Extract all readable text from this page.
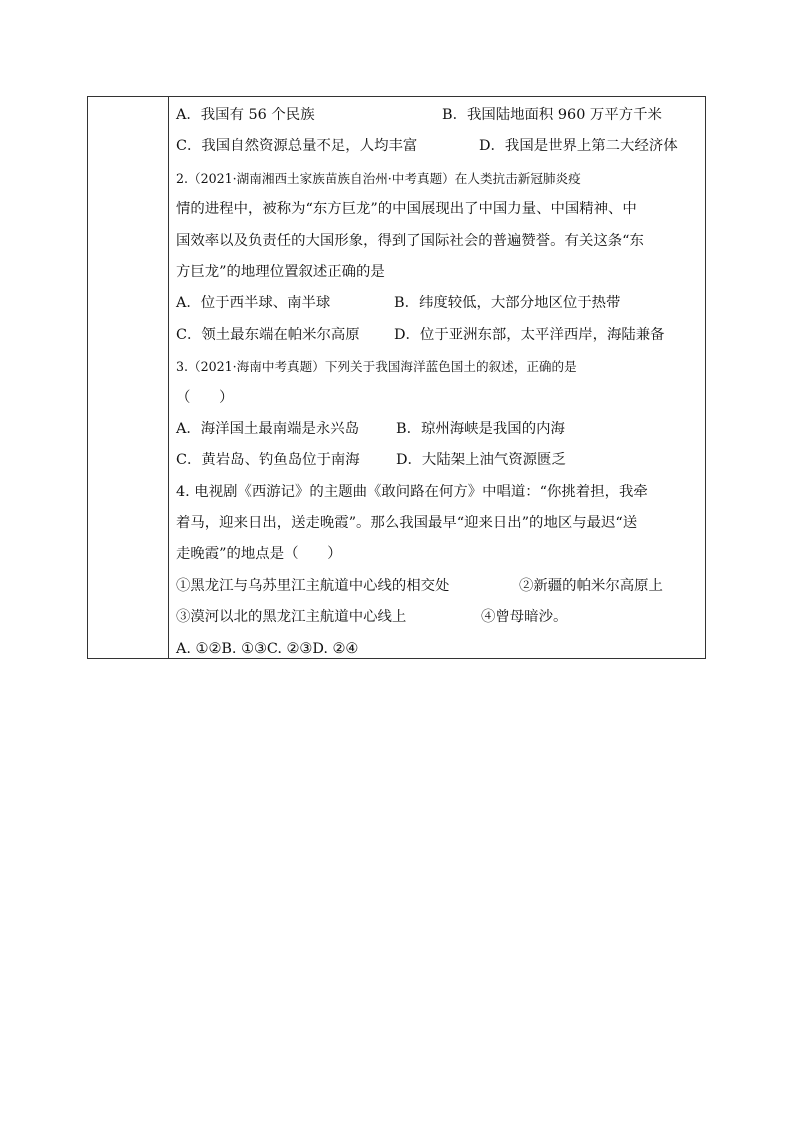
A．我国有 56 个民族	B．我国陆地面积 960 万平方千米
C．我国自然资源总量不足，人均丰富	D．我国是世界上第二大经济体
2.（2021·湖南湘西土家族苗族自治州·中考真题）在人类抗击新冠肺炎疫
情的进程中，被称为“东方巨龙”的中国展现出了中国力量、中国精神、中
国效率以及负责任的大国形象，得到了国际社会的普遍赞誉。有关这条“东
方巨龙”的地理位置叙述正确的是
A．位于西半球、南半球	B．纬度较低，大部分地区位于热带
C．领土最东端在帕米尔高原 D．位于亚洲东部，太平洋西岸，海陆兼备
3.（2021·海南中考真题）下列关于我国海洋蓝色国土的叙述，正确的是
（　　）
A．海洋国土最南端是永兴岛	B．琼州海峡是我国的内海
C．黄岩岛、钓鱼岛位于南海	D．大陆架上油气资源匮乏
4. 电视剧《西游记》的主题曲《敢问路在何方》中唱道：“你挑着担，我牵
着马，迎来日出，送走晚霞”。那么我国最早“迎来日出”的地区与最迟“送
走晚霞”的地点是（　　）
①黑龙江与乌苏里江主航道中心线的相交处	②新疆的帕米尔高原上
③漠河以北的黑龙江主航道中心线上	④曾母暗沙。
A. ①②B. ①③C. ②③D. ②④
